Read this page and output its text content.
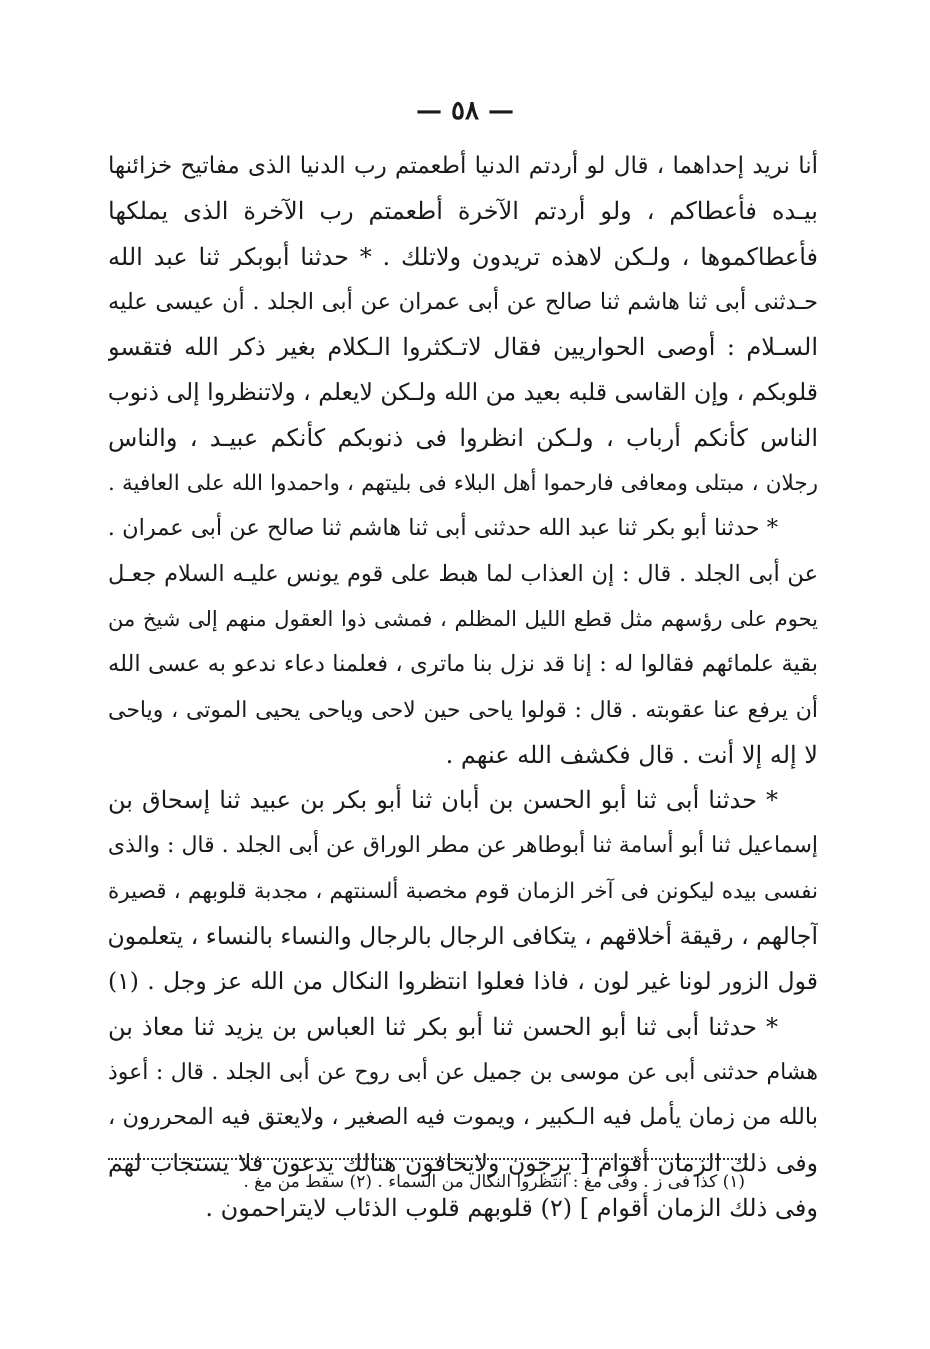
— ٥٨ —
أنا نريد إحداهما ، قال لو أردتم الدنيا أطعمتم رب الدنيا الذى مفاتيح خزائنها
بيـده فأعطاكم ، ولو أردتم الآخرة أطعمتم رب الآخرة الذى يملكها
فأعطاكموها ، ولـكن لاهذه تريدون ولاتلك . * حدثنا أبوبكر ثنا عبد الله
حـدثنى أبى ثنا هاشم ثنا صالح عن أبى عمران عن أبى الجلد . أن عيسى عليه
السـلام : أوصى الحواريين فقال لاتـكثروا الـكلام بغير ذكر الله فتقسو
قلوبكم ، وإن القاسى قلبه بعيد من الله ولـكن لايعلم ، ولاتنظروا إلى ذنوب
الناس كأنكم أرباب ، ولـكن انظروا فى ذنوبكم كأنكم عبيـد ، والناس
رجلان ، مبتلى ومعافى فارحموا أهل البلاء فى بليتهم ، واحمدوا الله على العافية .
* حدثنا أبو بكر ثنا عبد الله حدثنى أبى ثنا هاشم ثنا صالح عن أبى عمران .
عن أبى الجلد . قال : إن العذاب لما هبط على قوم يونس عليـه السلام جعـل
يحوم على رؤسهم مثل قطع الليل المظلم ، فمشى ذوا العقول منهم إلى شيخ من
بقية علمائهم فقالوا له : إنا قد نزل بنا ماترى ، فعلمنا دعاء ندعو به عسى الله
أن يرفع عنا عقوبته . قال : قولوا ياحى حين لاحى وياحى يحيى الموتى ، وياحى
لا إله إلا أنت . قال فكشف الله عنهم .
* حدثنا أبى ثنا أبو الحسن بن أبان ثنا أبو بكر بن عبيد ثنا إسحاق بن
إسماعيل ثنا أبو أسامة ثنا أبوطاهر عن مطر الوراق عن أبى الجلد . قال : والذى
نفسى بيده ليكونن فى آخر الزمان قوم مخصبة ألسنتهم ، مجدبة قلوبهم ، قصيرة
آجالهم ، رقيقة أخلاقهم ، يتكافى الرجال بالرجال والنساء بالنساء ، يتعلمون
قول الزور لونا غير لون ، فاذا فعلوا انتظروا النكال من الله عز وجل . (١)
* حدثنا أبى ثنا أبو الحسن ثنا أبو بكر ثنا العباس بن يزيد ثنا معاذ بن
هشام حدثنى أبى عن موسى بن جميل عن أبى روح عن أبى الجلد . قال : أعوذ
بالله من زمان يأمل فيه الـكبير ، ويموت فيه الصغير ، ولايعتق فيه المحررون ،
وفى ذلك الزمان أقوام [ يرجون ولايخافون هنالك يدعون فلا يستجاب لهم
وفى ذلك الزمان أقوام ] (٢) قلوبهم قلوب الذئاب لايتراحمون .
(١) كذا فى ز . وفى مغ : انتظروا النكال من السماء . (٢) سقط من مغ .
